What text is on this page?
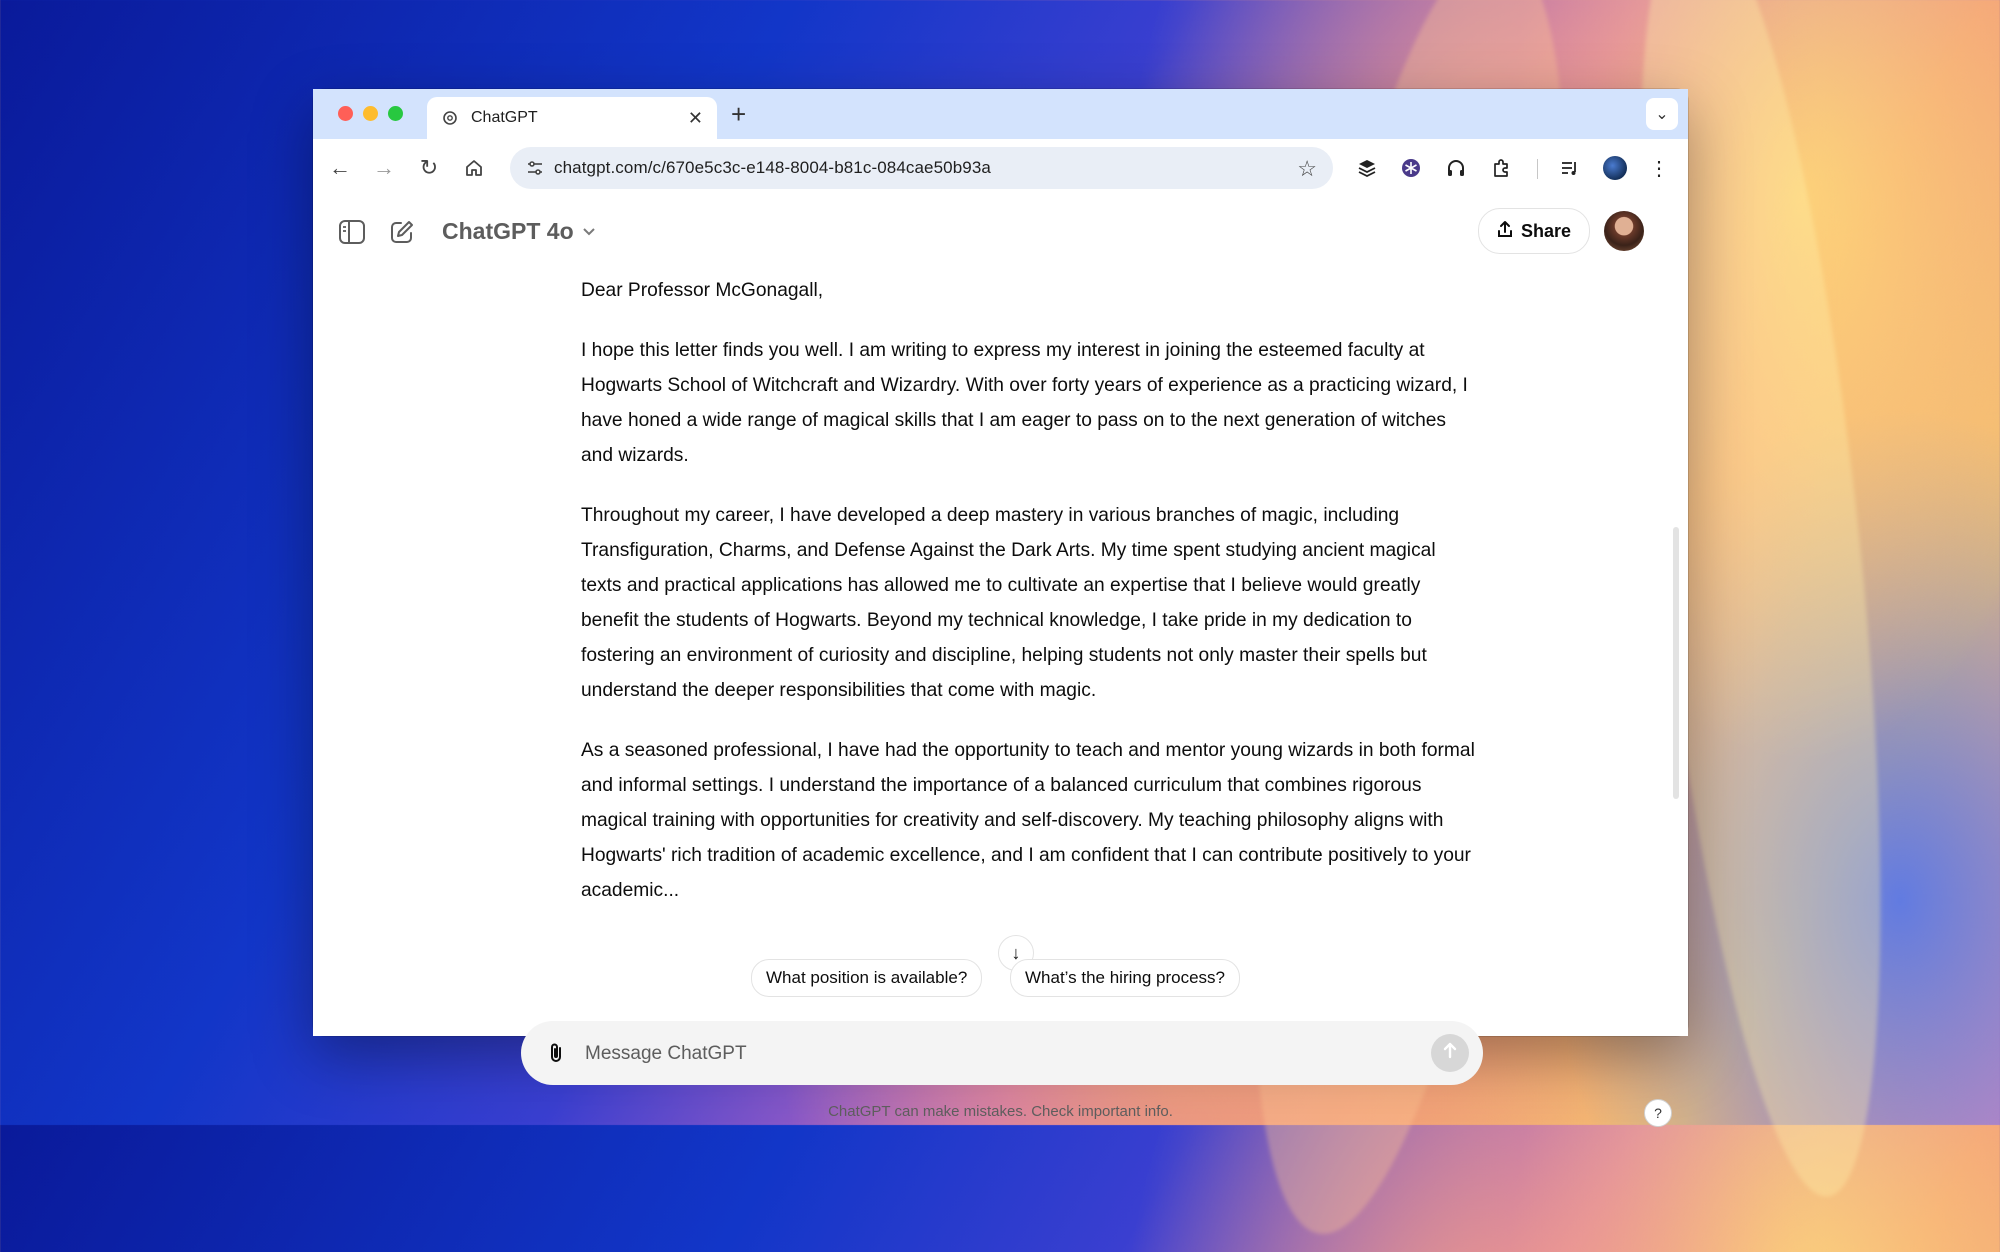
ChatGPT	✕ +	⌄
← → ↻	chatgpt.com/c/670e5c3c-e148-8004-b81c-084cae50b93a	☆	⋮
ChatGPT 4o	Share

Dear Professor McGonagall,

I hope this letter finds you well. I am writing to express my interest in joining the esteemed faculty at Hogwarts School of Witchcraft and Wizardry. With over forty years of experience as a practicing wizard, I have honed a wide range of magical skills that I am eager to pass on to the next generation of witches and wizards.

Throughout my career, I have developed a deep mastery in various branches of magic, including Transfiguration, Charms, and Defense Against the Dark Arts. My time spent studying ancient magical texts and practical applications has allowed me to cultivate an expertise that I believe would greatly benefit the students of Hogwarts. Beyond my technical knowledge, I take pride in my dedication to fostering an environment of curiosity and discipline, helping students not only master their spells but understand the deeper responsibilities that come with magic.

As a seasoned professional, I have had the opportunity to teach and mentor young wizards in both formal and informal settings. I understand the importance of a balanced curriculum that combines rigorous magical training with opportunities for creativity and self-discovery. My teaching philosophy aligns with Hogwarts' rich tradition of academic excellence, and I am confident that I can contribute positively to your academic...

↓
What position is available?	What’s the hiring process?
Message ChatGPT
ChatGPT can make mistakes. Check important info.	?
